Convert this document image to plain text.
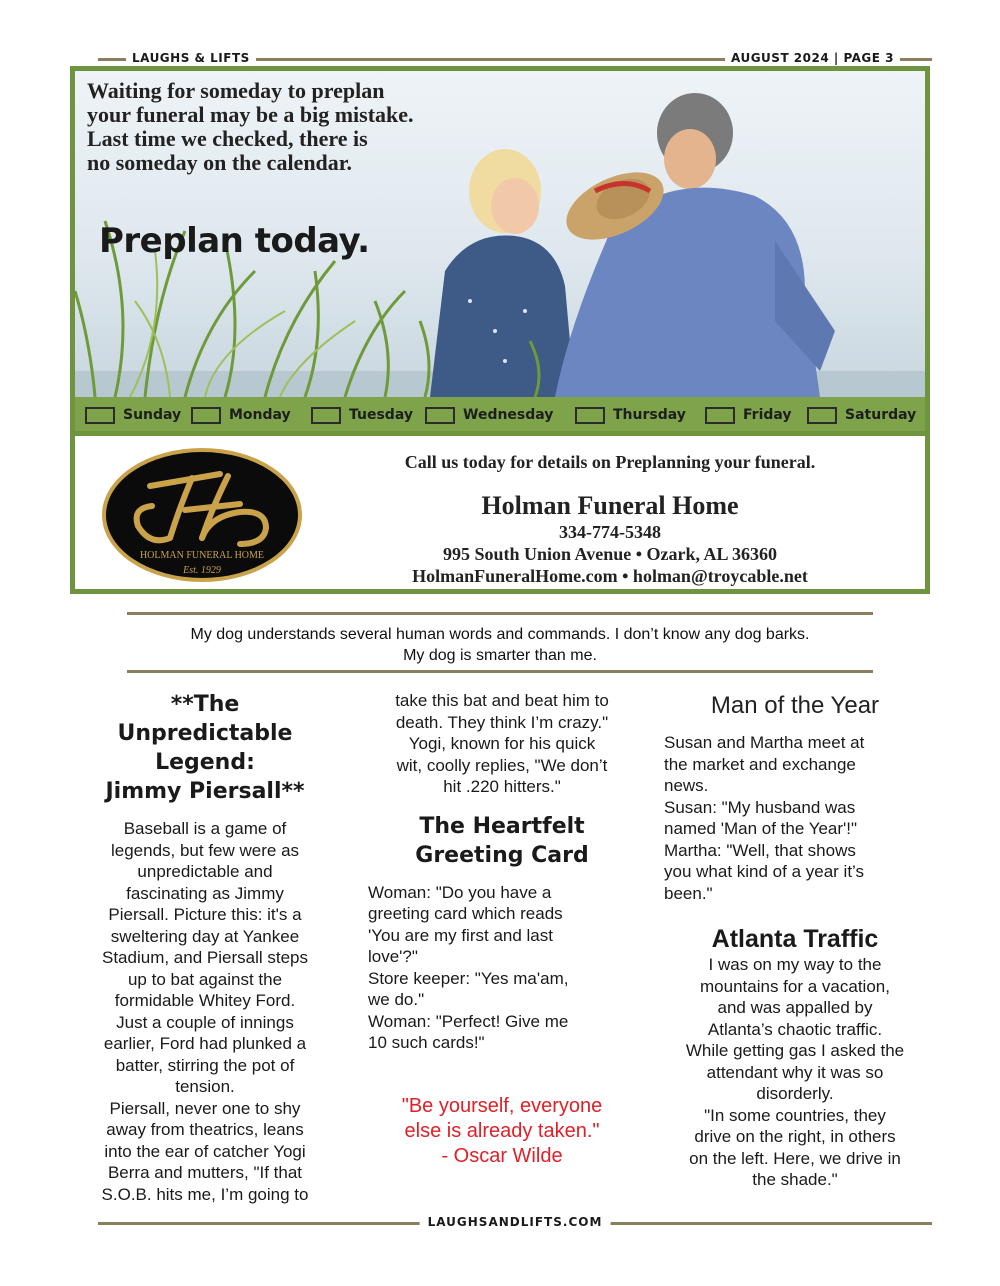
LAUGHS & LIFTS	AUGUST 2024 | PAGE 3
Waiting for someday to preplan
your funeral may be a big mistake.
Last time we checked, there is
no someday on the calendar.
Preplan today.
Sunday	Monday	Tuesday	Wednesday	Thursday	Friday	Saturday
HOLMAN FUNERAL HOME
Est. 1929
Call us today for details on Preplanning your funeral.
Holman Funeral Home
334-774-5348
995 South Union Avenue • Ozark, AL 36360
HolmanFuneralHome.com • holman@troycable.net
My dog understands several human words and commands. I don’t know any dog barks.
My dog is smarter than me.
**The
Unpredictable
Legend:
Jimmy Piersall**
Baseball is a game of
legends, but few were as
unpredictable and
fascinating as Jimmy
Piersall. Picture this: it's a
sweltering day at Yankee
Stadium, and Piersall steps
up to bat against the
formidable Whitey Ford.
Just a couple of innings
earlier, Ford had plunked a
batter, stirring the pot of
tension.
Piersall, never one to shy
away from theatrics, leans
into the ear of catcher Yogi
Berra and mutters, "If that
S.O.B. hits me, I’m going to
take this bat and beat him to
death. They think I’m crazy."
Yogi, known for his quick
wit, coolly replies, "We don’t
hit .220 hitters."
The Heartfelt
Greeting Card
Woman: "Do you have a
greeting card which reads
'You are my first and last
love'?"
Store keeper: "Yes ma'am,
we do."
Woman: "Perfect! Give me
10 such cards!"
"Be yourself, everyone
else is already taken."
- Oscar Wilde
Man of the Year
Susan and Martha meet at
the market and exchange
news.
Susan: "My husband was
named 'Man of the Year'!"
Martha: "Well, that shows
you what kind of a year it’s
been."
Atlanta Traffic
I was on my way to the
mountains for a vacation,
and was appalled by
Atlanta’s chaotic traffic.
While getting gas I asked the
attendant why it was so
disorderly.
"In some countries, they
drive on the right, in others
on the left. Here, we drive in
the shade."
LAUGHSANDLIFTS.COM
